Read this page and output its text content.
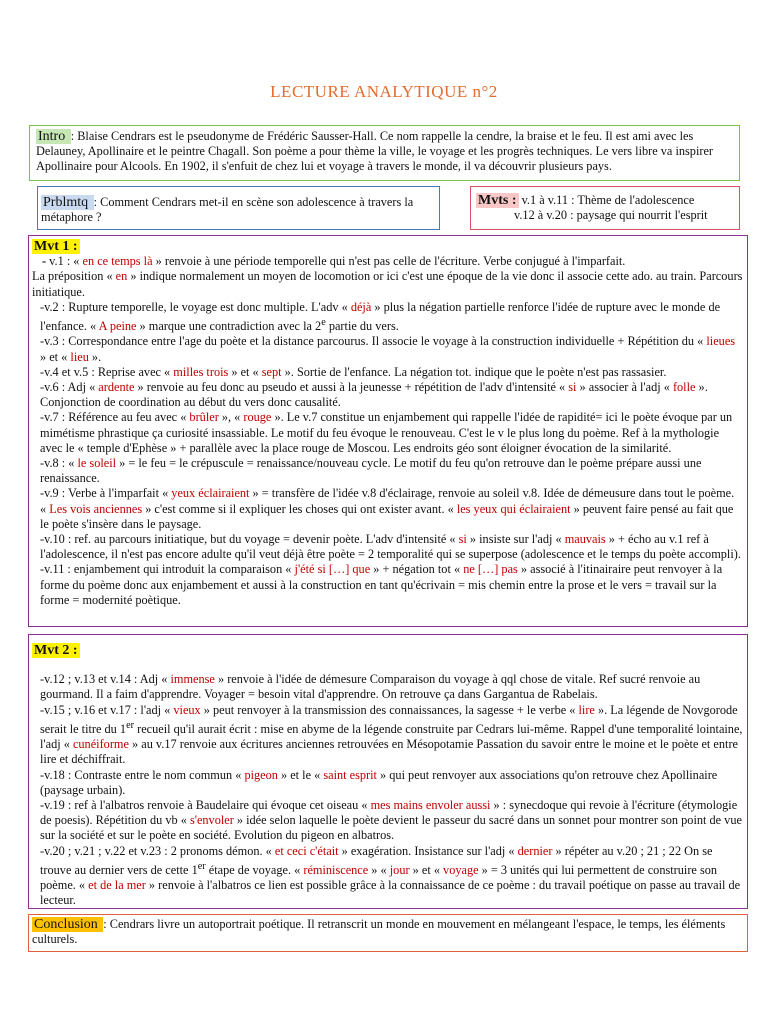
LECTURE ANALYTIQUE n°2
Intro : Blaise Cendrars est le pseudonyme de Frédéric Sausser-Hall. Ce nom rappelle la cendre, la braise et le feu. Il est ami avec les Delauney, Apollinaire et le peintre Chagall. Son poème a pour thème la ville, le voyage et les progrès techniques. Le vers libre va inspirer Apollinaire pour Alcools. En 1902, il s'enfuit de chez lui et voyage à travers le monde, il va découvrir plusieurs pays.
Prblmtq : Comment Cendrars met-il en scène son adolescence à travers la métaphore ?
Mvts : v.1 à v.11 : Thème de l'adolescence
v.12 à v.20 : paysage qui nourrit l'esprit
Mvt 1 :
- v.1 : « en ce temps là » renvoie à une période temporelle qui n'est pas celle de l'écriture. Verbe conjugué à l'imparfait.
La préposition « en » indique normalement un moyen de locomotion or ici c'est une époque de la vie donc il associe cette ado. au train. Parcours initiatique.
-v.2 : Rupture temporelle, le voyage est donc multiple. L'adv « déjà » plus la négation partielle renforce l'idée de rupture avec le monde de l'enfance. « A peine » marque une contradiction avec la 2e partie du vers.
-v.3 : Correspondance entre l'age du poète et la distance parcourus. Il associe le voyage à la construction individuelle + Répétition du « lieues » et « lieu ».
-v.4 et v.5 : Reprise avec « milles trois » et « sept ». Sortie de l'enfance. La négation tot. indique que le poète n'est pas rassasier.
-v.6 : Adj « ardente » renvoie au feu donc au pseudo et aussi à la jeunesse + répétition de l'adv d'intensité « si » associer à l'adj « folle ». Conjonction de coordination au début du vers donc causalité.
-v.7 : Référence au feu avec « brûler », « rouge ». Le v.7 constitue un enjambement qui rappelle l'idée de rapidité= ici le poète évoque par un mimétisme phrastique ça curiosité insassiable. Le motif du feu évoque le renouveau. C'est le v le plus long du poème. Ref à la mythologie avec le « temple d'Ephèse » + parallèle avec la place rouge de Moscou. Les endroits géo sont éloigner évocation de la similarité.
-v.8 : « le soleil » = le feu = le crépuscule = renaissance/nouveau cycle. Le motif du feu qu'on retrouve dan le poème prépare aussi une renaissance.
-v.9 : Verbe à l'imparfait « yeux éclairaient » = transfère de l'idée v.8 d'éclairage, renvoie au soleil v.8. Idée de démeusure dans tout le poème. « Les vois anciennes » c'est comme si il expliquer les choses qui ont exister avant. « les yeux qui éclairaient » peuvent faire pensé au fait que le poète s'insère dans le paysage.
-v.10 : ref. au parcours initiatique, but du voyage = devenir poète. L'adv d'intensité « si » insiste sur l'adj « mauvais » + écho au v.1 ref à l'adolescence, il n'est pas encore adulte qu'il veut déjà être poète = 2 temporalité qui se superpose (adolescence et le temps du poète accompli).
-v.11 : enjambement qui introduit la comparaison « j'été si […] que » + négation tot « ne […] pas » associé à l'itinairaire peut renvoyer à la forme du poème donc aux enjambement et aussi à la construction en tant qu'écrivain = mis chemin entre la prose et le vers = travail sur la forme = modernité poètique.
Mvt 2 :
-v.12 ; v.13 et v.14 : Adj « immense » renvoie à l'idée de démesure Comparaison du voyage à qql chose de vitale. Ref sucré renvoie au gourmand. Il a faim d'apprendre. Voyager = besoin vital d'apprendre. On retrouve ça dans Gargantua de Rabelais.
-v.15 ; v.16 et v.17 : l'adj « vieux » peut renvoyer à la transmission des connaissances, la sagesse + le verbe « lire ». La légende de Novgorode serait le titre du 1er recueil qu'il aurait écrit : mise en abyme de la légende construite par Cedrars lui-même. Rappel d'une temporalité lointaine, l'adj « cunéiforme » au v.17 renvoie aux écritures anciennes retrouvées en Mésopotamie Passation du savoir entre le moine et le poète et entre lire et déchiffrait.
-v.18 : Contraste entre le nom commun « pigeon » et le « saint esprit » qui peut renvoyer aux associations qu'on retrouve chez Apollinaire (paysage urbain).
-v.19 : ref à l'albatros renvoie à Baudelaire qui évoque cet oiseau « mes mains envoler aussi » : synecdoque qui revoie à l'écriture (étymologie de poesis). Répétition du vb « s'envoler » idée selon laquelle le poète devient le passeur du sacré dans un sonnet pour montrer son point de vue sur la société et sur le poète en société. Evolution du pigeon en albatros.
-v.20 ; v.21 ; v.22 et v.23 : 2 pronoms démon. « et ceci c'était » exagération. Insistance sur l'adj « dernier » répéter au v.20 ; 21 ; 22 On se trouve au dernier vers de cette 1er étape de voyage. « réminiscence » « jour » et « voyage » = 3 unités qui lui permettent de construire son poème. « et de la mer » renvoie à l'albatros ce lien est possible grâce à la connaissance de ce poème : du travail poétique on passe au travail de lecteur.
Conclusion : Cendrars livre un autoportrait poétique. Il retranscrit un monde en mouvement en mélangeant l'espace, le temps, les éléments culturels.
